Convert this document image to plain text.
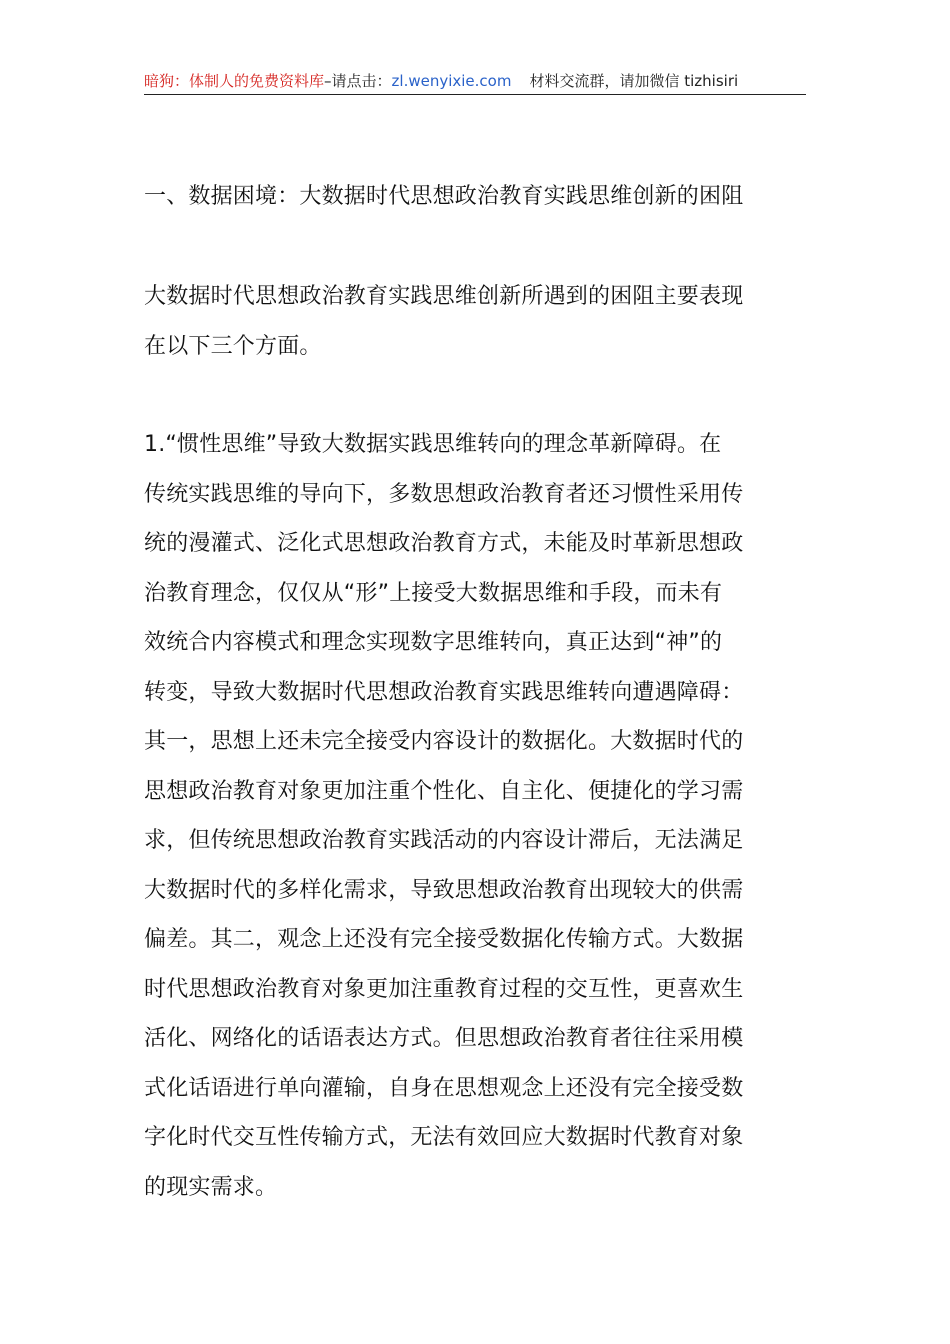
暗狗：体制人的免费资料库–请点击：zl.wenyixie.com 材料交流群，请加微信 tizhisiri
一、数据困境：大数据时代思想政治教育实践思维创新的困阻
大数据时代思想政治教育实践思维创新所遇到的困阻主要表现
在以下三个方面。
1.“惯性思维”导致大数据实践思维转向的理念革新障碍。在
传统实践思维的导向下，多数思想政治教育者还习惯性采用传
统的漫灌式、泛化式思想政治教育方式，未能及时革新思想政
治教育理念，仅仅从“形”上接受大数据思维和手段，而未有
效统合内容模式和理念实现数字思维转向，真正达到“神”的
转变，导致大数据时代思想政治教育实践思维转向遭遇障碍：
其一，思想上还未完全接受内容设计的数据化。大数据时代的
思想政治教育对象更加注重个性化、自主化、便捷化的学习需
求，但传统思想政治教育实践活动的内容设计滞后，无法满足
大数据时代的多样化需求，导致思想政治教育出现较大的供需
偏差。其二，观念上还没有完全接受数据化传输方式。大数据
时代思想政治教育对象更加注重教育过程的交互性，更喜欢生
活化、网络化的话语表达方式。但思想政治教育者往往采用模
式化话语进行单向灌输，自身在思想观念上还没有完全接受数
字化时代交互性传输方式，无法有效回应大数据时代教育对象
的现实需求。
